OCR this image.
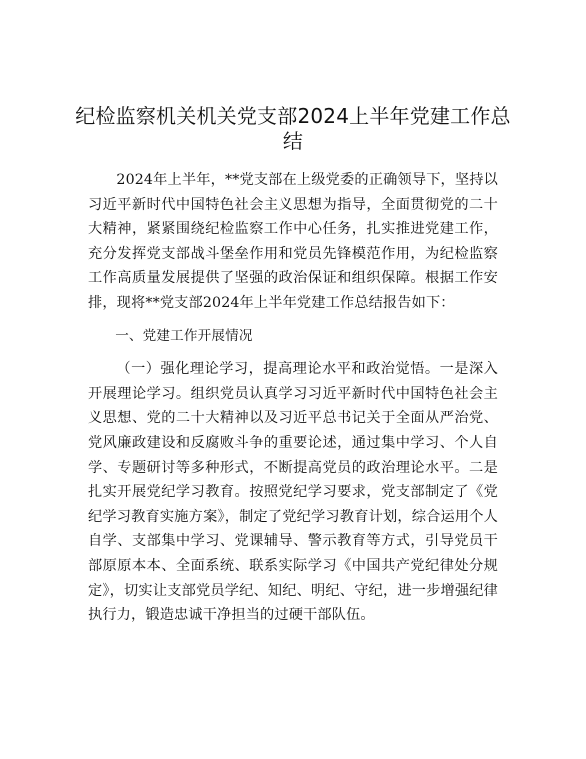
纪检监察机关机关党支部2024上半年党建工作总结

2024年上半年，**党支部在上级党委的正确领导下，坚持以习近平新时代中国特色社会主义思想为指导，全面贯彻党的二十大精神，紧紧围绕纪检监察工作中心任务，扎实推进党建工作，充分发挥党支部战斗堡垒作用和党员先锋模范作用，为纪检监察工作高质量发展提供了坚强的政治保证和组织保障。根据工作安排，现将**党支部2024年上半年党建工作总结报告如下：

一、党建工作开展情况

（一）强化理论学习，提高理论水平和政治觉悟。一是深入开展理论学习。组织党员认真学习习近平新时代中国特色社会主义思想、党的二十大精神以及习近平总书记关于全面从严治党、党风廉政建设和反腐败斗争的重要论述，通过集中学习、个人自学、专题研讨等多种形式，不断提高党员的政治理论水平。二是扎实开展党纪学习教育。按照党纪学习要求，党支部制定了《党纪学习教育实施方案》，制定了党纪学习教育计划，综合运用个人自学、支部集中学习、党课辅导、警示教育等方式，引导党员干部原原本本、全面系统、联系实际学习《中国共产党纪律处分规定》，切实让支部党员学纪、知纪、明纪、守纪，进一步增强纪律执行力，锻造忠诚干净担当的过硬干部队伍。
